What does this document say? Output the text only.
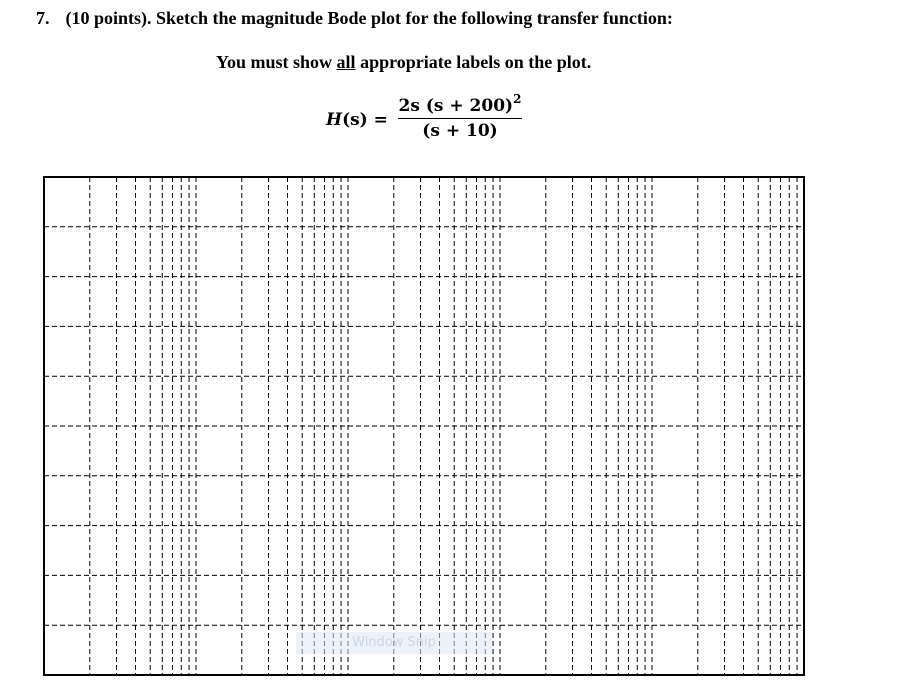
7. (10 points). Sketch the magnitude Bode plot for the following transfer function:
You must show all appropriate labels on the plot.
$H(s) = \frac{2s (s + 200)^2}{(s + 10)}$
Window Snip
